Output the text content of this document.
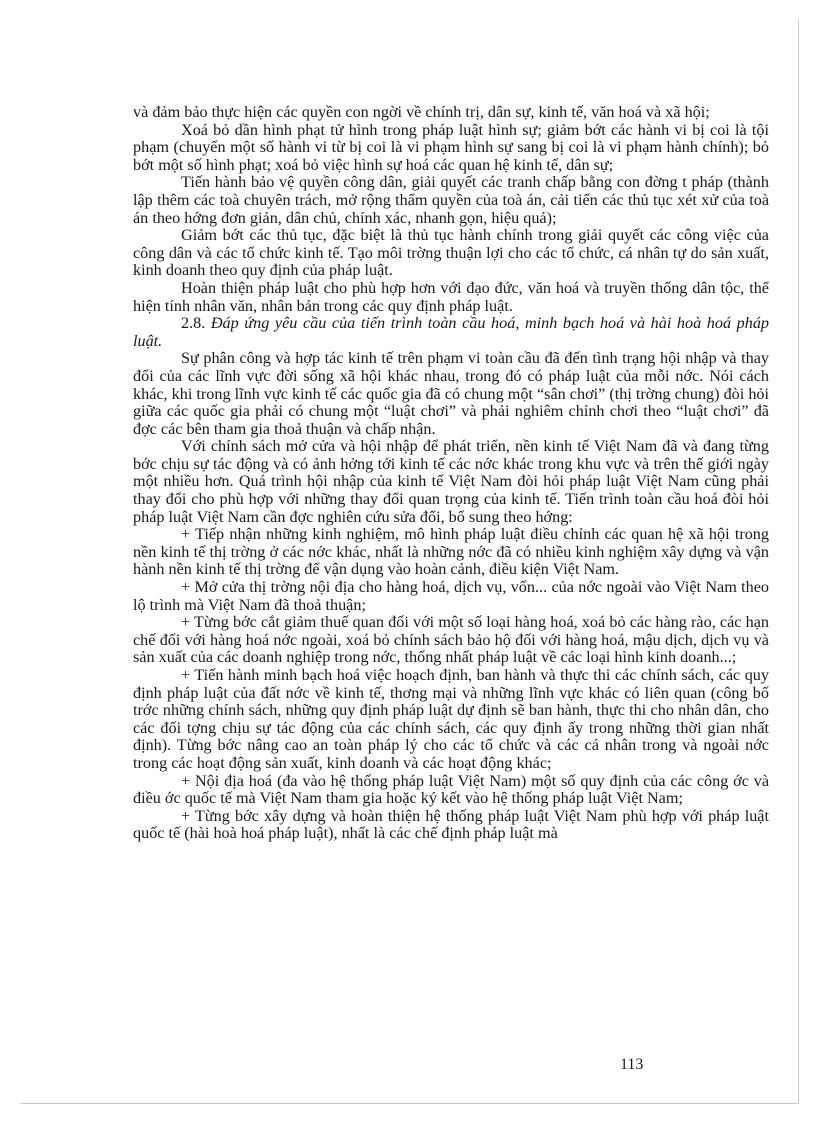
và đảm bảo thực hiện các quyền con ngời về chính trị, dân sự, kinh tế, văn hoá và xã hội;

Xoá bỏ dần hình phạt tử hình trong pháp luật hình sự; giảm bớt các hành vi bị coi là tội phạm (chuyển một số hành vi từ bị coi là vi phạm hình sự sang bị coi là vi phạm hành chính); bỏ bớt một số hình phạt; xoá bỏ việc hình sự hoá các quan hệ kinh tế, dân sự;

Tiến hành bảo vệ quyền công dân, giải quyết các tranh chấp bằng con đờng t pháp (thành lập thêm các toà chuyên trách, mở rộng thẩm quyền của toà án, cải tiến các thủ tục xét xử của toà án theo hớng đơn giản, dân chủ, chính xác, nhanh gọn, hiệu quả);

Giảm bớt các thủ tục, đặc biệt là thủ tục hành chính trong giải quyết các công việc của công dân và các tổ chức kinh tế. Tạo môi trờng thuận lợi cho các tổ chức, cá nhân tự do sản xuất, kinh doanh theo quy định của pháp luật.

Hoàn thiện pháp luật cho phù hợp hơn với đạo đức, văn hoá và truyền thống dân tộc, thể hiện tính nhân văn, nhân bản trong các quy định pháp luật.

2.8. Đáp ứng yêu cầu của tiến trình toàn cầu hoá, minh bạch hoá và hài hoà hoá pháp luật.

Sự phân công và hợp tác kinh tế trên phạm vi toàn cầu đã đến tình trạng hội nhập và thay đổi của các lĩnh vực đời sống xã hội khác nhau, trong đó có pháp luật của mỗi nớc. Nói cách khác, khi trong lĩnh vực kinh tế các quốc gia đã có chung một “sân chơi” (thị trờng chung) đòi hỏi giữa các quốc gia phải có chung một “luật chơi” và phải nghiêm chỉnh chơi theo “luật chơi” đã đợc các bên tham gia thoả thuận và chấp nhận.

Với chính sách mở cửa và hội nhập để phát triển, nền kinh tế Việt Nam đã và đang từng bớc chịu sự tác động và có ảnh hởng tới kinh tế các nớc khác trong khu vực và trên thế giới ngày một nhiều hơn. Quá trình hội nhập của kinh tế Việt Nam đòi hỏi pháp luật Việt Nam cũng phải thay đổi cho phù hợp với những thay đổi quan trọng của kinh tế. Tiến trình toàn cầu hoá đòi hỏi pháp luật Việt Nam cần đợc nghiên cứu sửa đổi, bổ sung theo hớng:

+ Tiếp nhận những kinh nghiệm, mô hình pháp luật điều chỉnh các quan hệ xã hội trong nền kinh tế thị trờng ở các nớc khác, nhất là những nớc đã có nhiều kinh nghiệm xây dựng và vận hành nền kinh tế thị trờng để vận dụng vào hoàn cảnh, điều kiện Việt Nam.

+ Mở cửa thị trờng nội địa cho hàng hoá, dịch vụ, vốn... của nớc ngoài vào Việt Nam theo lộ trình mà Việt Nam đã thoả thuận;

+ Từng bớc cắt giảm thuế quan đối với một số loại hàng hoá, xoá bỏ các hàng rào, các hạn chế đối với hàng hoá nớc ngoài, xoá bỏ chính sách bảo hộ đối với hàng hoá, mậu dịch, dịch vụ và sản xuất của các doanh nghiệp trong nớc, thống nhất pháp luật về các loại hình kinh doanh...;

+ Tiến hành minh bạch hoá việc hoạch định, ban hành và thực thi các chính sách, các quy định pháp luật của đất nớc về kinh tế, thơng mại và những lĩnh vực khác có liên quan (công bố trớc những chính sách, những quy định pháp luật dự định sẽ ban hành, thực thi cho nhân dân, cho các đối tợng chịu sự tác động của các chính sách, các quy định ấy trong những thời gian nhất định). Từng bớc nâng cao an toàn pháp lý cho các tổ chức và các cá nhân trong và ngoài nớc trong các hoạt động sản xuất, kinh doanh và các hoạt động khác;

+ Nội địa hoá (đa vào hệ thống pháp luật Việt Nam) một số quy định của các công ớc và điều ớc quốc tế mà Việt Nam tham gia hoặc ký kết vào hệ thống pháp luật Việt Nam;

+ Từng bớc xây dựng và hoàn thiện hệ thống pháp luật Việt Nam phù hợp với pháp luật quốc tế (hài hoà hoá pháp luật), nhất là các chế định pháp luật mà

113
